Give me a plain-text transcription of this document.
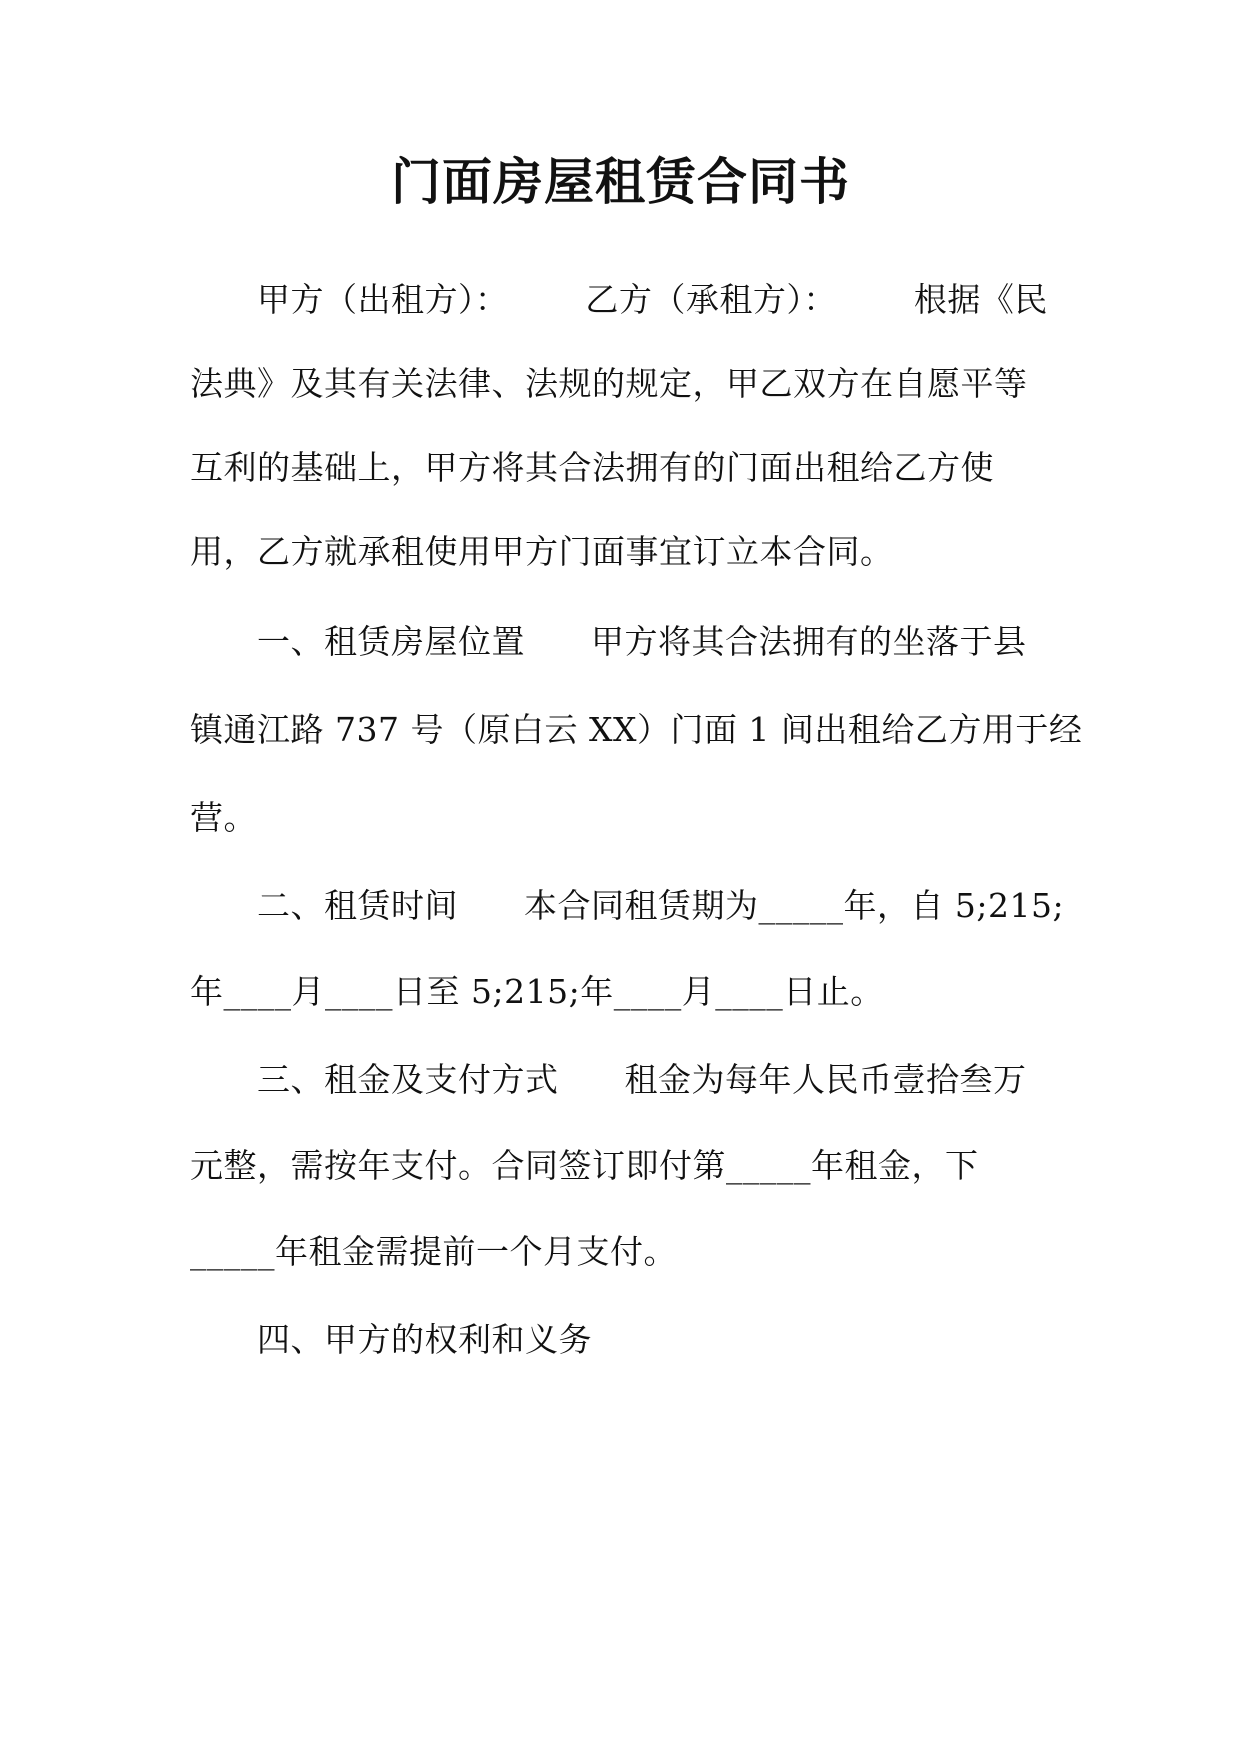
门面房屋租赁合同书
甲方（出租方）：       乙方（承租方）：       根据《民
法典》及其有关法律、法规的规定，甲乙双方在自愿平等
互利的基础上，甲方将其合法拥有的门面出租给乙方使
用，乙方就承租使用甲方门面事宜订立本合同。
一、租赁房屋位置      甲方将其合法拥有的坐落于县
镇通江路 737 号（原白云 XX）门面 1 间出租给乙方用于经
营。
二、租赁时间      本合同租赁期为_____年，自 5;215;
年____月____日至 5;215;年____月____日止。
三、租金及支付方式      租金为每年人民币壹拾叁万
元整，需按年支付。合同签订即付第_____年租金，下
_____年租金需提前一个月支付。
四、甲方的权利和义务
